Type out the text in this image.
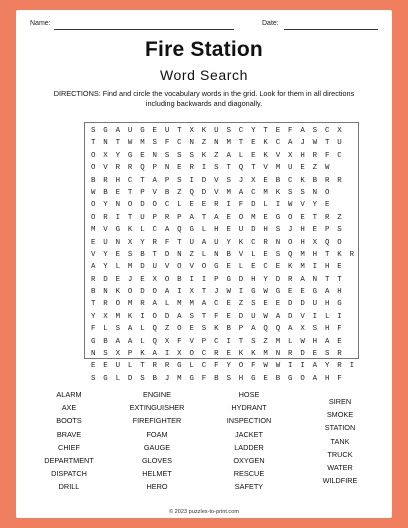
Name:	Date:
Fire Station
Word Search
DIRECTIONS: Find and circle the vocabulary words in the grid. Look for them in all directions including backwards and diagonally.
S	G	A	U	G	E	U	T	X	K	U	S	C	Y	T	E	F	A	S	C	X
T	N	T	W	M	S	F	C	N	Z	N	M	T	E	K	C	A	J	W	T	U
O	X	Y	G	E	N	S	S	S	K	Z	A	L	E	K	V	X	H	R	F	C
O	V	R	R	Q	P	N	E	R	I	S	T	Q	T	V	M	U	E	Z	W
B	R	H	C	T	A	P	S	I	D	V	S	J	X	E	B	C	K	B	R	R
W	B	E	T	P	V	B	Z	Q	D	V	M	A	C	M	K	S	S	N	O
O	Y	N	O	D	O	C	L	E	E	R	I	F	D	L	I	W	V	Y	E
O	R	I	T	U	P	R	P	A	T	A	E	O	M	E	G	O	E	T	R	Z
M	V	G	K	L	C	A	Q	G	L	H	E	U	D	H	S	J	H	E	P	S
E	U	N	X	Y	R	F	T	U	A	U	Y	K	C	R	N	O	H	X	Q	O
V	Y	E	S	B	T	D	N	Z	L	N	B	V	L	E	S	Q	M	H	T	K	R
A	Y	L	M	D	U	V	O	V	O	G	E	L	E	C	E	K	M	I	H	E
R	D	E	J	E	X	O	B	I	I	P	G	D	H	Y	D	R	A	N	T	T
B	N	K	O	D	O	A	I	X	T	J	W	I	G	W	G	E	E	G	A	H
T	R	O	M	R	A	L	M	M	A	C	E	Z	S	E	E	D	D	U	H	G
Y	X	M	K	I	O	D	A	S	T	F	E	D	U	W	A	D	V	I	L	I
F	L	S	A	L	Q	Z	O	E	S	K	B	P	A	Q	Q	A	X	S	H	F
G	B	A	A	L	Q	X	F	V	P	C	I	T	S	Z	M	L	W	H	A	E
N	S	X	P	K	A	I	X	O	C	R	E	K	K	M	N	R	D	E	S	R
E	E	U	L	T	R	R	G	L	C	F	Y	O	F	W	W	I	I	A	Y	R	I
S	G	L	D	S	B	J	M	G	F	B	S	H	G	E	B	G	O	A	H	F
ALARM
AXE
BOOTS
BRAVE
CHIEF
DEPARTMENT
DISPATCH
DRILL
ENGINE
EXTINGUISHER
FIREFIGHTER
FOAM
GAUGE
GLOVES
HELMET
HERO
HOSE
HYDRANT
INSPECTION
JACKET
LADDER
OXYGEN
RESCUE
SAFETY
SIREN
SMOKE
STATION
TANK
TRUCK
WATER
WILDFIRE
© 2023 puzzles-to-print.com
